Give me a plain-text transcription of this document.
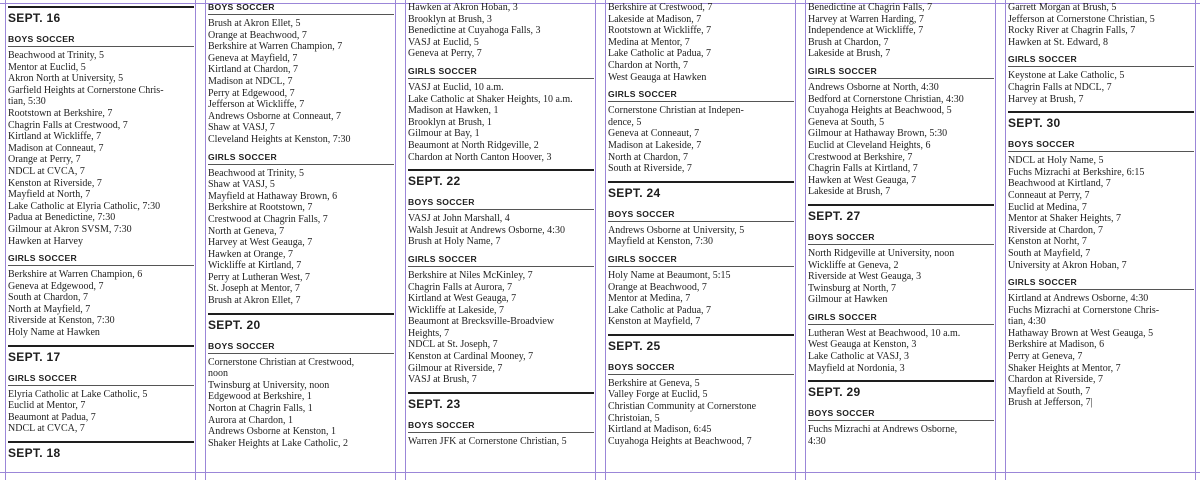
SEPT. 16
BOYS SOCCER
Beachwood at Trinity, 5
Mentor at Euclid, 5
Akron North at University, 5
Garfield Heights at Cornerstone Chris-
tian, 5:30
Rootstown at Berkshire, 7
Chagrin Falls at Crestwood, 7
Kirtland at Wickliffe, 7
Madison at Conneaut, 7
Orange at Perry, 7
NDCL at CVCA, 7
Kenston at Riverside, 7
Mayfield at North, 7
Lake Catholic at Elyria Catholic, 7:30
Padua at Benedictine, 7:30
Gilmour at Akron SVSM, 7:30
Hawken at Harvey
GIRLS SOCCER
Berkshire at Warren Champion, 6
Geneva at Edgewood, 7
South at Chardon, 7
North at Mayfield, 7
Riverside at Kenston, 7:30
Holy Name at Hawken
SEPT. 17
GIRLS SOCCER
Elyria Catholic at Lake Catholic, 5
Euclid at Mentor, 7
Beaumont at Padua, 7
NDCL at CVCA, 7
SEPT. 18
BOYS SOCCER
Brush at Akron Ellet, 5
Orange at Beachwood, 7
Berkshire at Warren Champion, 7
Geneva at Mayfield, 7
Kirtland at Chardon, 7
Madison at NDCL, 7
Perry at Edgewood, 7
Jefferson at Wickliffe, 7
Andrews Osborne at Conneaut, 7
Shaw at VASJ, 7
Cleveland Heights at Kenston, 7:30
GIRLS SOCCER
Beachwood at Trinity, 5
Shaw at VASJ, 5
Mayfield at Hathaway Brown, 6
Berkshire at Rootstown, 7
Crestwood at Chagrin Falls, 7
North at Geneva, 7
Harvey at West Geauga, 7
Hawken at Orange, 7
Wickliffe at Kirtland, 7
Perry at Lutheran West, 7
St. Joseph at Mentor, 7
Brush at Akron Ellet, 7
SEPT. 20
BOYS SOCCER
Cornerstone Christian at Crestwood,
noon
Twinsburg at University, noon
Edgewood at Berkshire, 1
Norton at Chagrin Falls, 1
Aurora at Chardon, 1
Andrews Osborne at Kenston, 1
Shaker Heights at Lake Catholic, 2
Hawken at Akron Hoban, 3
Brooklyn at Brush, 3
Benedictine at Cuyahoga Falls, 3
VASJ at Euclid, 5
Geneva at Perry, 7
GIRLS SOCCER
VASJ at Euclid, 10 a.m.
Lake Catholic at Shaker Heights, 10 a.m.
Madison at Hawken, 1
Brooklyn at Brush, 1
Gilmour at Bay, 1
Beaumont at North Ridgeville, 2
Chardon at North Canton Hoover, 3
SEPT. 22
BOYS SOCCER
VASJ at John Marshall, 4
Walsh Jesuit at Andrews Osborne, 4:30
Brush at Holy Name, 7
GIRLS SOCCER
Berkshire at Niles McKinley, 7
Chagrin Falls at Aurora, 7
Kirtland at West Geauga, 7
Wickliffe at Lakeside, 7
Beaumont at Brecksville-Broadview
Heights, 7
NDCL at St. Joseph, 7
Kenston at Cardinal Mooney, 7
Gilmour at Riverside, 7
VASJ at Brush, 7
SEPT. 23
BOYS SOCCER
Warren JFK at Cornerstone Christian, 5
Berkshire at Crestwood, 7
Lakeside at Madison, 7
Rootstown at Wickliffe, 7
Medina at Mentor, 7
Lake Catholic at Padua, 7
Chardon at North, 7
West Geauga at Hawken
GIRLS SOCCER
Cornerstone Christian at Indepen-
dence, 5
Geneva at Conneaut, 7
Madison at Lakeside, 7
North at Chardon, 7
South at Riverside, 7
SEPT. 24
BOYS SOCCER
Andrews Osborne at University, 5
Mayfield at Kenston, 7:30
GIRLS SOCCER
Holy Name at Beaumont, 5:15
Orange at Beachwood, 7
Mentor at Medina, 7
Lake Catholic at Padua, 7
Kenston at Mayfield, 7
SEPT. 25
BOYS SOCCER
Berkshire at Geneva, 5
Valley Forge at Euclid, 5
Christian Community at Cornerstone
Christoian, 5
Kirtland at Madison, 6:45
Cuyahoga Heights at Beachwood, 7
Benedictine at Chagrin Falls, 7
Harvey at Warren Harding, 7
Independence at Wickliffe, 7
Brush at Chardon, 7
Lakeside at Brush, 7
GIRLS SOCCER
Andrews Osborne at North, 4:30
Bedford at Cornerstone Christian, 4:30
Cuyahoga Heights at Beachwood, 5
Geneva at South, 5
Gilmour at Hathaway Brown, 5:30
Euclid at Cleveland Heights, 6
Crestwood at Berkshire, 7
Chagrin Falls at Kirtland, 7
Hawken at West Geauga, 7
Lakeside at Brush, 7
SEPT. 27
BOYS SOCCER
North Ridgeville at University, noon
Wickliffe at Geneva, 2
Riverside at West Geauga, 3
Twinsburg at North, 7
Gilmour at Hawken
GIRLS SOCCER
Lutheran West at Beachwood, 10 a.m.
West Geauga at Kenston, 3
Lake Catholic at VASJ, 3
Mayfield at Nordonia, 3
SEPT. 29
BOYS SOCCER
Fuchs Mizrachi at Andrews Osborne,
4:30
Garrett Morgan at Brush, 5
Jefferson at Cornerstone Christian, 5
Rocky River at Chagrin Falls, 7
Hawken at St. Edward, 8
GIRLS SOCCER
Keystone at Lake Catholic, 5
Chagrin Falls at NDCL, 7
Harvey at Brush, 7
SEPT. 30
BOYS SOCCER
NDCL at Holy Name, 5
Fuchs Mizrachi at Berkshire, 6:15
Beachwood at Kirtland, 7
Conneaut at Perry, 7
Euclid at Medina, 7
Mentor at Shaker Heights, 7
Riverside at Chardon, 7
Kenston at Norht, 7
South at Mayfield, 7
University at Akron Hoban, 7
GIRLS SOCCER
Kirtland at Andrews Osborne, 4:30
Fuchs Mizrachi at Cornerstone Chris-
tian, 4:30
Hathaway Brown at West Geauga, 5
Berkshire at Madison, 6
Perry at Geneva, 7
Shaker Heights at Mentor, 7
Chardon at Riverside, 7
Mayfield at South, 7
Brush at Jefferson, 7|
